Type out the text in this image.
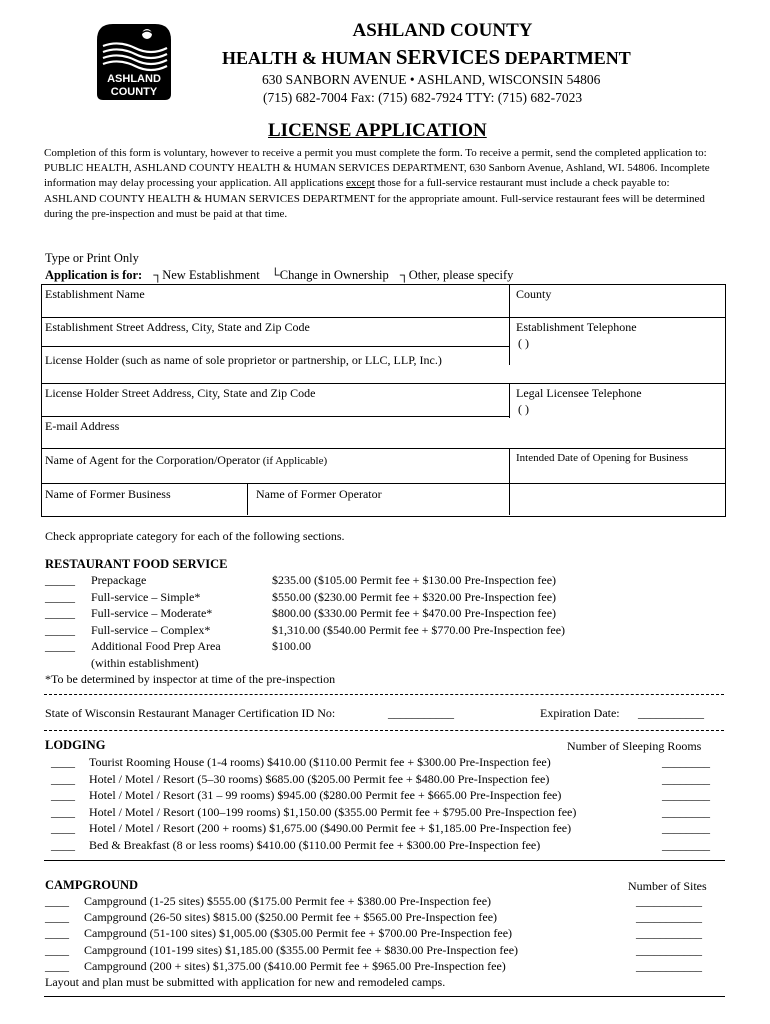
ASHLAND
COUNTY
ASHLAND COUNTY
HEALTH & HUMAN SERVICES DEPARTMENT
630 SANBORN AVENUE • ASHLAND, WISCONSIN 54806
(715) 682-7004 Fax: (715) 682-7924 TTY: (715) 682-7023
LICENSE APPLICATION
Completion of this form is voluntary, however to receive a permit you must complete the form. To receive a permit, send the completed application to: PUBLIC HEALTH, ASHLAND COUNTY HEALTH & HUMAN SERVICES DEPARTMENT, 630 Sanborn Avenue, Ashland, WI. 54806. Incomplete information may delay processing your application. All applications except those for a full-service restaurant must include a check payable to: ASHLAND COUNTY HEALTH & HUMAN SERVICES DEPARTMENT for the appropriate amount. Full-service restaurant fees will be determined during the pre-inspection and must be paid at that time.
Type or Print Only
Application is for: ┐New Establishment └Change in Ownership ┐Other, please specify
Establishment Name	County
Establishment Street Address, City, State and Zip Code	Establishment Telephone
( )
License Holder (such as name of sole proprietor or partnership, or LLC, LLP, Inc.)
License Holder Street Address, City, State and Zip Code	Legal Licensee Telephone
( )
E-mail Address
Name of Agent for the Corporation/Operator (if Applicable)	Intended Date of Opening for Business
Name of Former Business	Name of Former Operator
Check appropriate category for each of the following sections.
RESTAURANT FOOD SERVICE
_____ Prepackage	$235.00 ($105.00 Permit fee + $130.00 Pre-Inspection fee)
_____ Full-service – Simple*	$550.00 ($230.00 Permit fee + $320.00 Pre-Inspection fee)
_____ Full-service – Moderate*	$800.00 ($330.00 Permit fee + $470.00 Pre-Inspection fee)
_____ Full-service – Complex*	$1,310.00 ($540.00 Permit fee + $770.00 Pre-Inspection fee)
_____ Additional Food Prep Area	$100.00
(within establishment)
*To be determined by inspector at time of the pre-inspection
State of Wisconsin Restaurant Manager Certification ID No:	___________	Expiration Date: ___________
LODGING	Number of Sleeping Rooms
____ Tourist Rooming House (1-4 rooms) $410.00 ($110.00 Permit fee + $300.00 Pre-Inspection fee)	________
____ Hotel / Motel / Resort (5–30 rooms) $685.00 ($205.00 Permit fee + $480.00 Pre-Inspection fee)	________
____ Hotel / Motel / Resort (31 – 99 rooms) $945.00 ($280.00 Permit fee + $665.00 Pre-Inspection fee)	________
____ Hotel / Motel / Resort (100–199 rooms) $1,150.00 ($355.00 Permit fee + $795.00 Pre-Inspection fee)	________
____ Hotel / Motel / Resort (200 + rooms) $1,675.00 ($490.00 Permit fee + $1,185.00 Pre-Inspection fee)	________
____ Bed & Breakfast (8 or less rooms) $410.00 ($110.00 Permit fee + $300.00 Pre-Inspection fee)	________
CAMPGROUND	Number of Sites
____ Campground (1-25 sites) $555.00 ($175.00 Permit fee + $380.00 Pre-Inspection fee)	___________
____ Campground (26-50 sites) $815.00 ($250.00 Permit fee + $565.00 Pre-Inspection fee)	___________
____ Campground (51-100 sites) $1,005.00 ($305.00 Permit fee + $700.00 Pre-Inspection fee)	___________
____ Campground (101-199 sites) $1,185.00 ($355.00 Permit fee + $830.00 Pre-Inspection fee)	___________
____ Campground (200 + sites) $1,375.00 ($410.00 Permit fee + $965.00 Pre-Inspection fee)	___________
Layout and plan must be submitted with application for new and remodeled camps.
